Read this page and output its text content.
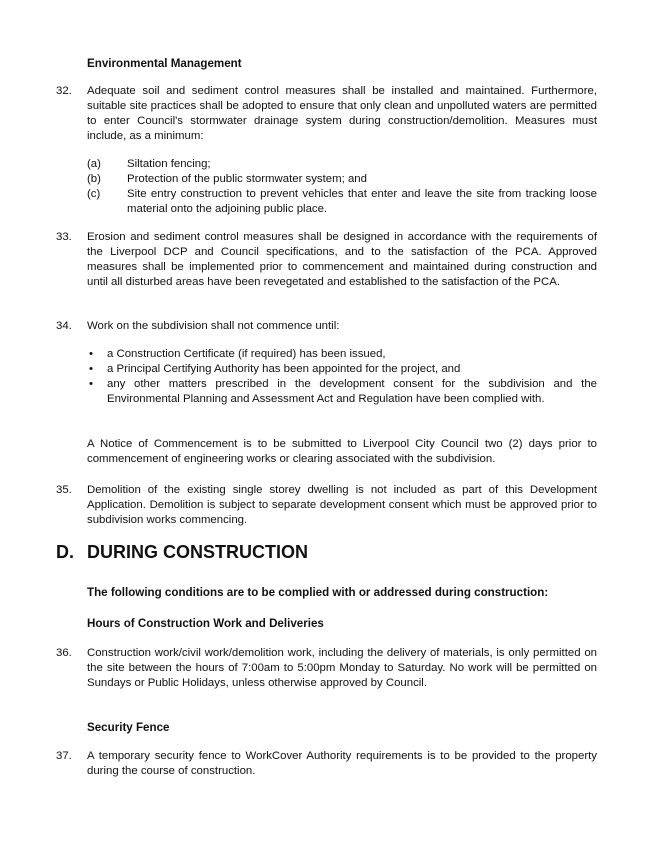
Environmental Management
32. Adequate soil and sediment control measures shall be installed and maintained. Furthermore, suitable site practices shall be adopted to ensure that only clean and unpolluted waters are permitted to enter Council's stormwater drainage system during construction/demolition. Measures must include, as a minimum:
(a)	Siltation fencing;
(b)	Protection of the public stormwater system; and
(c)	Site entry construction to prevent vehicles that enter and leave the site from tracking loose material onto the adjoining public place.
33. Erosion and sediment control measures shall be designed in accordance with the requirements of the Liverpool DCP and Council specifications, and to the satisfaction of the PCA. Approved measures shall be implemented prior to commencement and maintained during construction and until all disturbed areas have been revegetated and established to the satisfaction of the PCA.
34. Work on the subdivision shall not commence until:
•	a Construction Certificate (if required) has been issued,
•	a Principal Certifying Authority has been appointed for the project, and
•	any other matters prescribed in the development consent for the subdivision and the Environmental Planning and Assessment Act and Regulation have been complied with.
A Notice of Commencement is to be submitted to Liverpool City Council two (2) days prior to commencement of engineering works or clearing associated with the subdivision.
35. Demolition of the existing single storey dwelling is not included as part of this Development Application. Demolition is subject to separate development consent which must be approved prior to subdivision works commencing.
D. DURING CONSTRUCTION
The following conditions are to be complied with or addressed during construction:
Hours of Construction Work and Deliveries
36. Construction work/civil work/demolition work, including the delivery of materials, is only permitted on the site between the hours of 7:00am to 5:00pm Monday to Saturday. No work will be permitted on Sundays or Public Holidays, unless otherwise approved by Council.
Security Fence
37. A temporary security fence to WorkCover Authority requirements is to be provided to the property during the course of construction.
